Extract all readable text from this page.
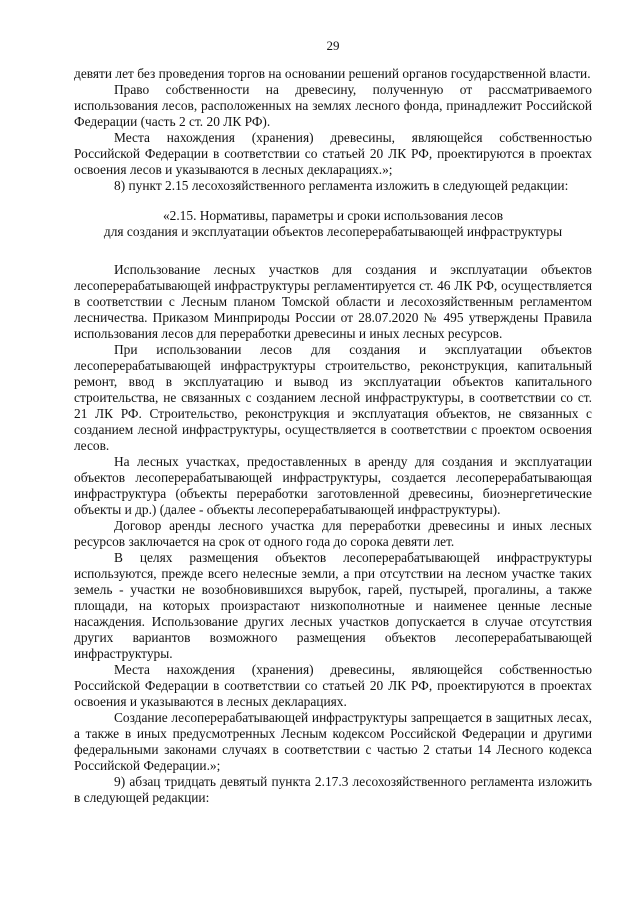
29

девяти лет без проведения торгов на основании решений органов государственной власти.

Право собственности на древесину, полученную от рассматриваемого использования лесов, расположенных на землях лесного фонда, принадлежит Российской Федерации (часть 2 ст. 20 ЛК РФ).

Места нахождения (хранения) древесины, являющейся собственностью Российской Федерации в соответствии со статьей 20 ЛК РФ, проектируются в проектах освоения лесов и указываются в лесных декларациях.»;

8) пункт 2.15 лесохозяйственного регламента изложить в следующей редакции:

«2.15. Нормативы, параметры и сроки использования лесов
для создания и эксплуатации объектов лесоперерабатывающей инфраструктуры

Использование лесных участков для создания и эксплуатации объектов лесоперерабатывающей инфраструктуры регламентируется ст. 46 ЛК РФ, осуществляется в соответствии с Лесным планом Томской области и лесохозяйственным регламентом лесничества. Приказом Минприроды России от 28.07.2020 № 495 утверждены Правила использования лесов для переработки древесины и иных лесных ресурсов.

При использовании лесов для создания и эксплуатации объектов лесоперерабатывающей инфраструктуры строительство, реконструкция, капитальный ремонт, ввод в эксплуатацию и вывод из эксплуатации объектов капитального строительства, не связанных с созданием лесной инфраструктуры, в соответствии со ст. 21 ЛК РФ. Строительство, реконструкция и эксплуатация объектов, не связанных с созданием лесной инфраструктуры, осуществляется в соответствии с проектом освоения лесов.

На лесных участках, предоставленных в аренду для создания и эксплуатации объектов лесоперерабатывающей инфраструктуры, создается лесоперерабатывающая инфраструктура (объекты переработки заготовленной древесины, биоэнергетические объекты и др.) (далее - объекты лесоперерабатывающей инфраструктуры).

Договор аренды лесного участка для переработки древесины и иных лесных ресурсов заключается на срок от одного года до сорока девяти лет.

В целях размещения объектов лесоперерабатывающей инфраструктуры используются, прежде всего нелесные земли, а при отсутствии на лесном участке таких земель - участки не возобновившихся вырубок, гарей, пустырей, прогалины, а также площади, на которых произрастают низкополнотные и наименее ценные лесные насаждения. Использование других лесных участков допускается в случае отсутствия других вариантов возможного размещения объектов лесоперерабатывающей инфраструктуры.

Места нахождения (хранения) древесины, являющейся собственностью Российской Федерации в соответствии со статьей 20 ЛК РФ, проектируются в проектах освоения и указываются в лесных декларациях.

Создание лесоперерабатывающей инфраструктуры запрещается в защитных лесах, а также в иных предусмотренных Лесным кодексом Российской Федерации и другими федеральными законами случаях в соответствии с частью 2 статьи 14 Лесного кодекса Российской Федерации.»;

9) абзац тридцать девятый пункта 2.17.3 лесохозяйственного регламента изложить в следующей редакции:
